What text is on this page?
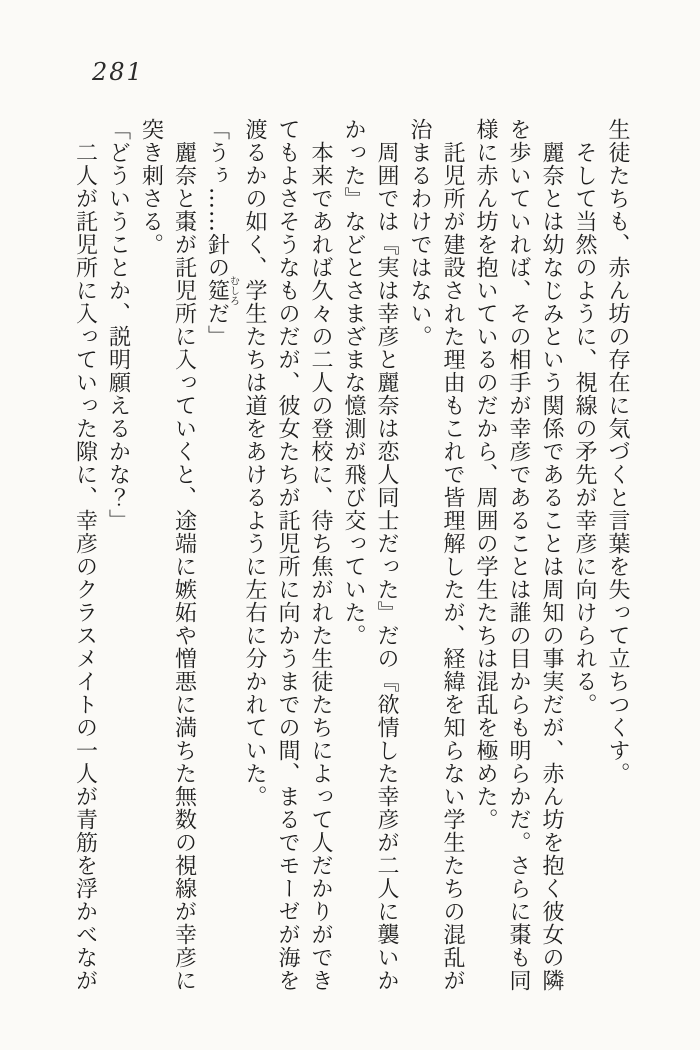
281

生徒たちも、赤ん坊の存在に気づくと言葉を失って立ちつくす。

そして当然のように、視線の矛先が幸彦に向けられる。

麗奈とは幼なじみという関係であることは周知の事実だが、赤ん坊を抱く彼女の隣を歩いていれば、その相手が幸彦であることは誰の目からも明らかだ。さらに棗も同様に赤ん坊を抱いているのだから、周囲の学生たちは混乱を極めた。

託児所が建設された理由もこれで皆理解したが、経緯を知らない学生たちの混乱が治まるわけではない。

周囲では『実は幸彦と麗奈は恋人同士だった』だの『欲情した幸彦が二人に襲いかかった』などとさまざまな憶測が飛び交っていた。

本来であれば久々の二人の登校に、待ち焦がれた生徒たちによって人だかりができてもよさそうなものだが、彼女たちが託児所に向かうまでの間、まるでモーゼが海を渡るかの如く、学生たちは道をあけるように左右に分かれていた。

「うぅ……針の筵むしろだ」

麗奈と棗が託児所に入っていくと、途端に嫉妬や憎悪に満ちた無数の視線が幸彦に突き刺さる。

「どういうことか、説明願えるかな？」

二人が託児所に入っていった隙に、幸彦のクラスメイトの一人が青筋を浮かべなが
